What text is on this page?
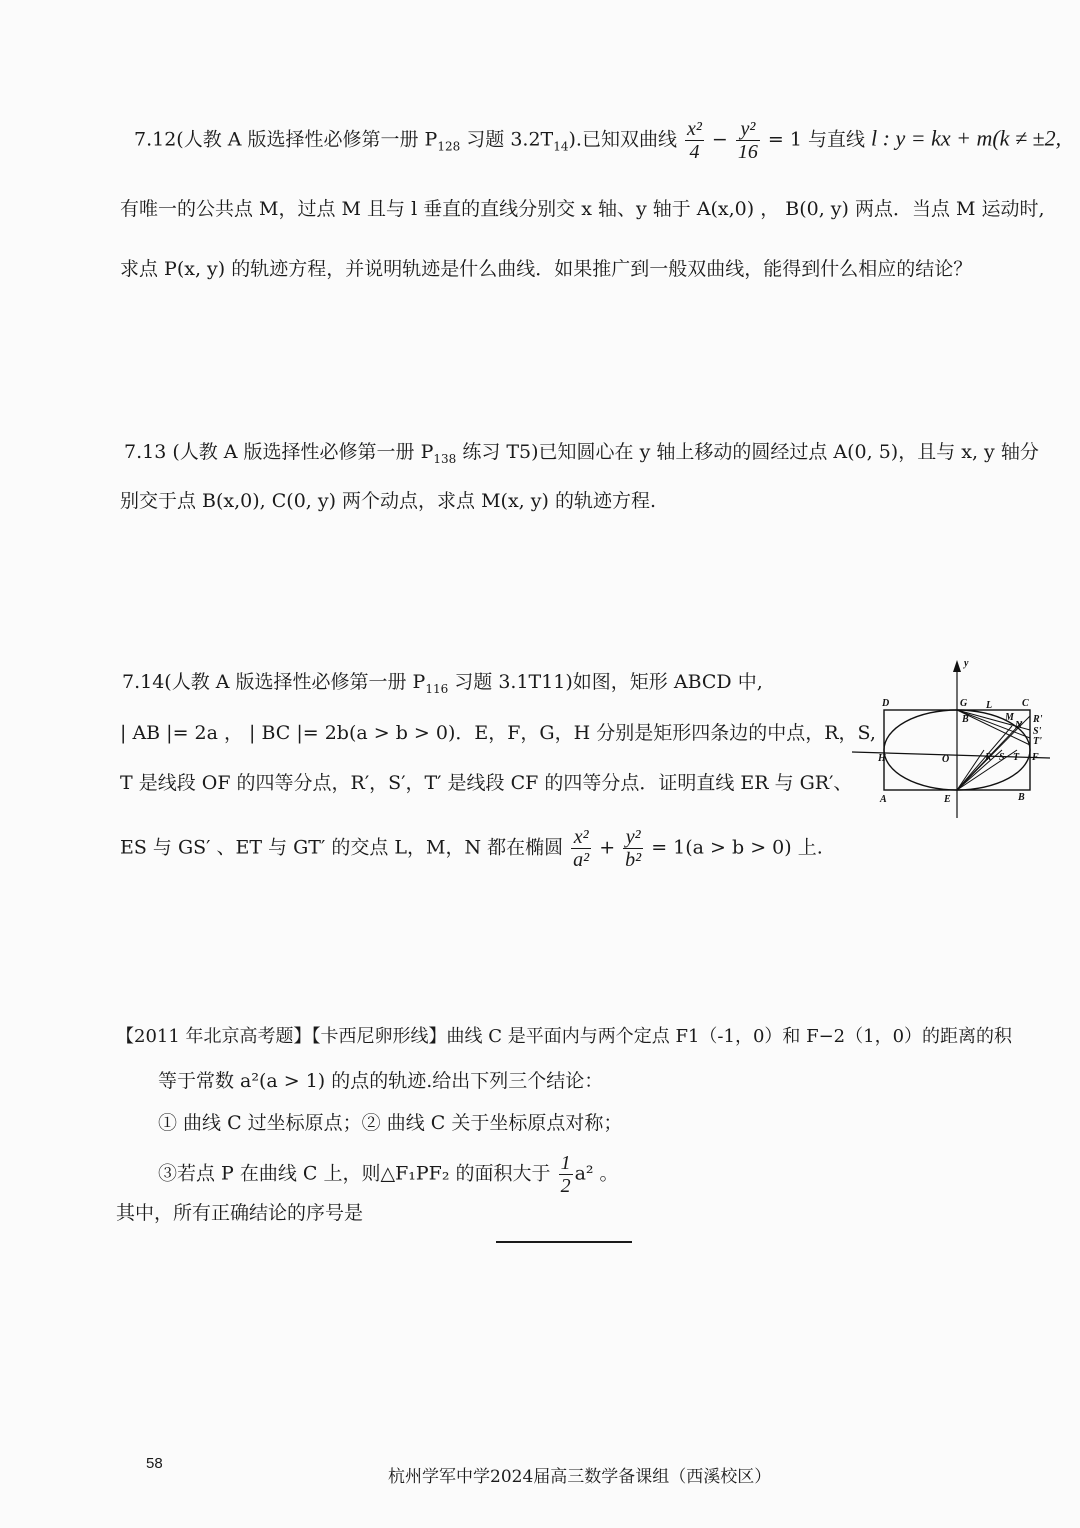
7.12(人教 A 版选择性必修第一册 $P_{128}$ 习题 $3.2T_{14}$).已知双曲线 $\frac{\text{x²}}{4} - \frac{\text{y²}}{16} = 1$ 与直线 l : y = kx + m(k ≠ ±2,
有唯一的公共点 M，过点 M 且与 l 垂直的直线分别交 x 轴、y 轴于 A(x,0) ， B(0, y) 两点．当点 M 运动时,
求点 P(x, y) 的轨迹方程，并说明轨迹是什么曲线．如果推广到一般双曲线，能得到什么相应的结论？
7.13 (人教 A 版选择性必修第一册 $P_{138}$ 练习 T5)已知圆心在 y 轴上移动的圆经过点 A(0, 5)，且与 x, y 轴分
别交于点 B(x,0), C(0, y) 两个动点，求点 M(x, y) 的轨迹方程.
7.14(人教 A 版选择性必修第一册 $P_{116}$ 习题 3.1T11)如图，矩形 ABCD 中,
| AB |= 2a ， | BC |= 2b(a > b > 0)．E，F，G，H 分别是矩形四条边的中点，R，S,
T 是线段 OF 的四等分点，R′，S′，T′ 是线段 CF 的四等分点．证明直线 ER 与 GR′、
ES 与 GS′ 、ET 与 GT′ 的交点 L，M，N 都在椭圆 $\frac{\text{x²}}{\text{a²}} + \frac{\text{y²}}{\text{b²}} = 1(a > b > 0)$ 上.
y
D	G L	C
B	M
N
R'
S'
T'
H	O	R S T F
A	E	B
【2011 年北京高考题】【卡西尼卵形线】曲线 C 是平面内与两个定点 F1（-1，0）和 F−2（1，0）的距离的积
等于常数 a²(a > 1) 的点的轨迹.给出下列三个结论：
① 曲线 C 过坐标原点；② 曲线 C 关于坐标原点对称；
③若点 P 在曲线 C 上，则△F₁PF₂ 的面积大于 $\frac{1}{2} a^2$ 。
其中，所有正确结论的序号是
58
杭州学军中学2024届高三数学备课组（西溪校区）
